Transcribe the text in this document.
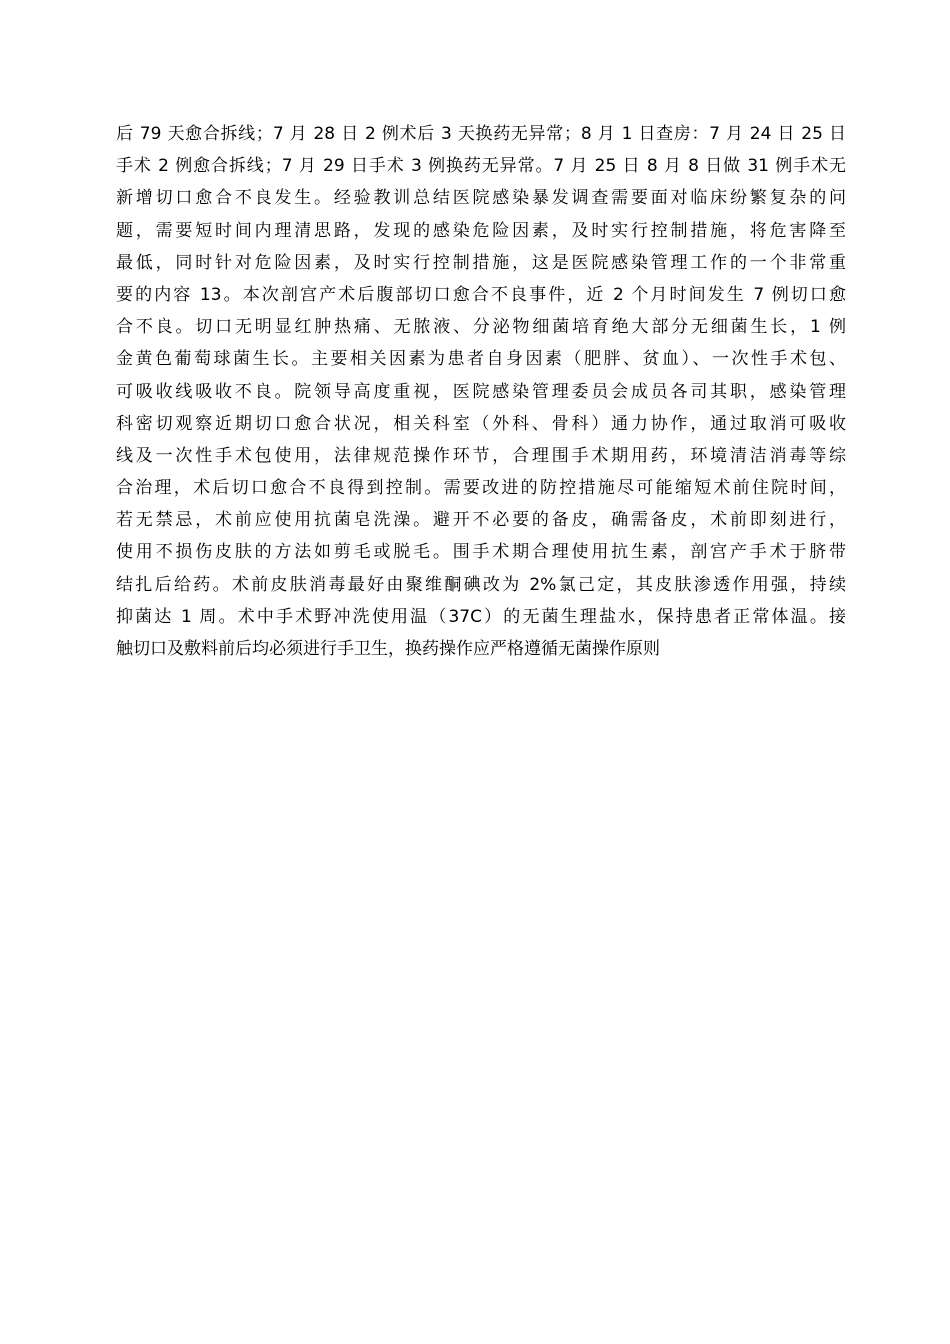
后 79 天愈合拆线；7 月 28 日 2 例术后 3 天换药无异常；8 月 1 日查房：7 月 24 日 25 日
手术 2 例愈合拆线；7 月 29 日手术 3 例换药无异常。7 月 25 日 8 月 8 日做 31 例手术无
新增切口愈合不良发生。经验教训总结医院感染暴发调查需要面对临床纷繁复杂的问
题，需要短时间内理清思路，发现的感染危险因素，及时实行控制措施，将危害降至
最低，同时针对危险因素，及时实行控制措施，这是医院感染管理工作的一个非常重
要的内容 13。本次剖宫产术后腹部切口愈合不良事件，近 2 个月时间发生 7 例切口愈
合不良。切口无明显红肿热痛、无脓液、分泌物细菌培育绝大部分无细菌生长，1 例
金黄色葡萄球菌生长。主要相关因素为患者自身因素（肥胖、贫血）、一次性手术包、
可吸收线吸收不良。院领导高度重视，医院感染管理委员会成员各司其职，感染管理
科密切观察近期切口愈合状况，相关科室（外科、骨科）通力协作，通过取消可吸收
线及一次性手术包使用，法律规范操作环节，合理围手术期用药，环境清洁消毒等综
合治理，术后切口愈合不良得到控制。需要改进的防控措施尽可能缩短术前住院时间，
若无禁忌，术前应使用抗菌皂洗澡。避开不必要的备皮，确需备皮，术前即刻进行，
使用不损伤皮肤的方法如剪毛或脱毛。围手术期合理使用抗生素，剖宫产手术于脐带
结扎后给药。术前皮肤消毒最好由聚维酮碘改为 2%氯己定，其皮肤渗透作用强，持续
抑菌达 1 周。术中手术野冲洗使用温（37C）的无菌生理盐水，保持患者正常体温。接
触切口及敷料前后均必须进行手卫生，换药操作应严格遵循无菌操作原则
